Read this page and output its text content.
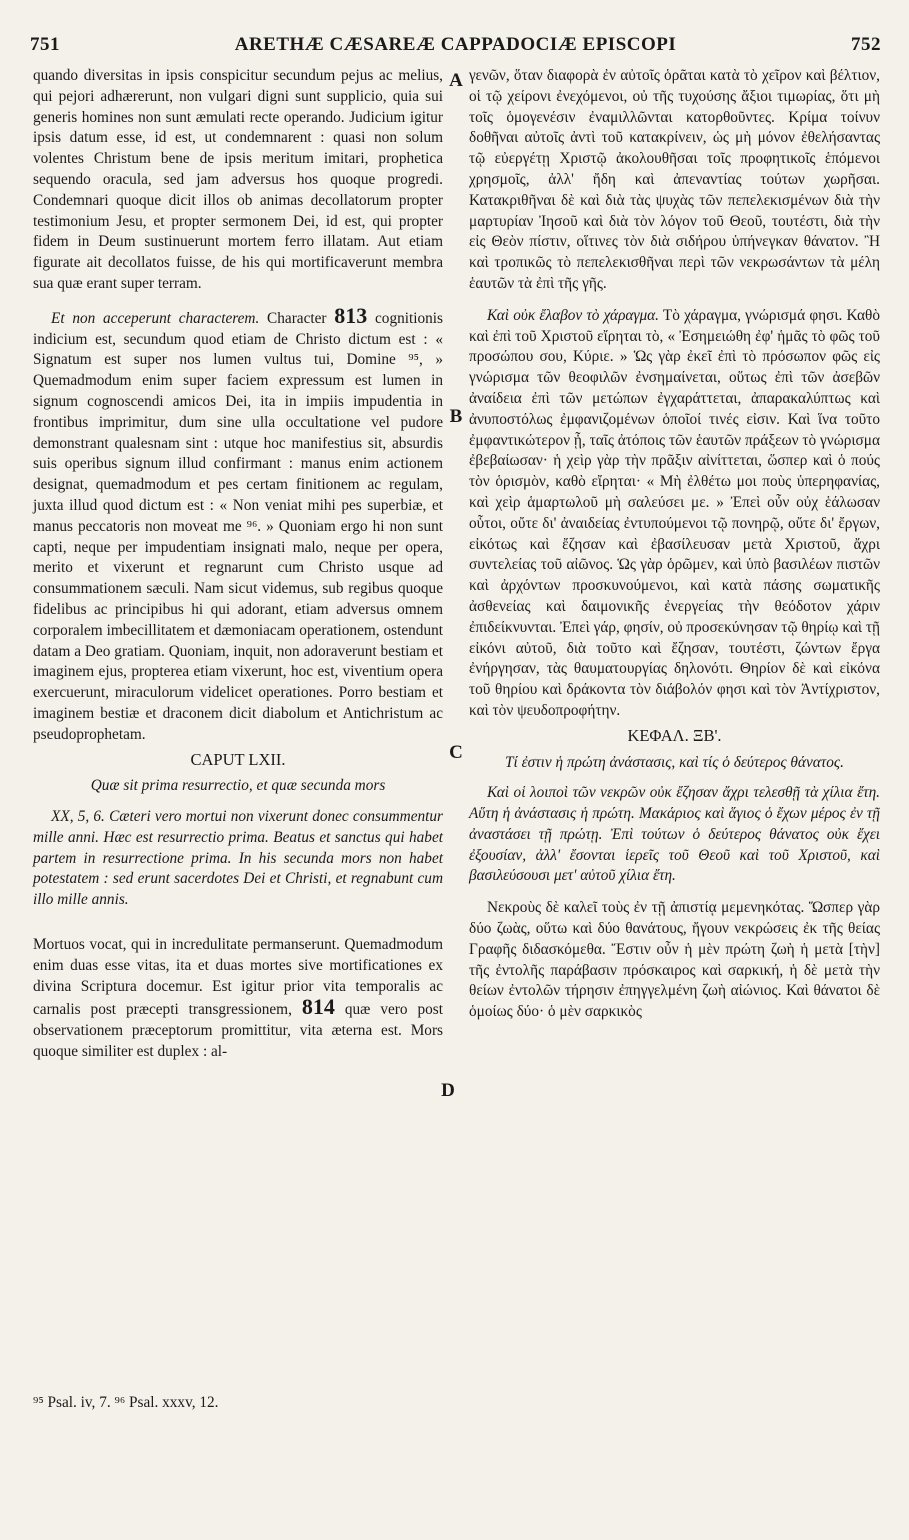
751	ARETHÆ CÆSAREÆ CAPPADOCIÆ EPISCOPI	752
A
B
C
D

quando diversitas in ipsis conspicitur secundum pejus ac melius, qui pejori adhærerunt, non vulgari digni sunt supplicio, quia sui generis homines non sunt æmulati recte operando. Judicium igitur ipsis datum esse, id est, ut condemnarent : quasi non solum volentes Christum bene de ipsis meritum imitari, prophetica sequendo oracula, sed jam adversus hos quoque progredi. Condemnari quoque dicit illos ob animas decollatorum propter testimonium Jesu, et propter sermonem Dei, id est, qui propter fidem in Deum sustinuerunt mortem ferro illatam. Aut etiam figurate ait decollatos fuisse, de his qui mortificaverunt membra sua quæ erant super terram.

Et non acceperunt characterem. Character 813 cognitionis indicium est, secundum quod etiam de Christo dictum est : « Signatum est super nos lumen vultus tui, Domine ⁹⁵, » Quemadmodum enim super faciem expressum est lumen in signum cognoscendi amicos Dei, ita in impiis impudentia in frontibus imprimitur, dum sine ulla occultatione vel pudore demonstrant qualesnam sint : utque hoc manifestius sit, absurdis suis operibus signum illud confirmant : manus enim actionem designat, quemadmodum et pes certam finitionem ac regulam, juxta illud quod dictum est : « Non veniat mihi pes superbiæ, et manus peccatoris non moveat me ⁹⁶. » Quoniam ergo hi non sunt capti, neque per impudentiam insignati malo, neque per opera, merito et vixerunt et regnarunt cum Christo usque ad consummationem sæculi. Nam sicut videmus, sub regibus quoque fidelibus ac principibus hi qui adorant, etiam adversus omnem corporalem imbecillitatem et dæmoniacam operationem, ostendunt datam a Deo gratiam. Quoniam, inquit, non adoraverunt bestiam et imaginem ejus, propterea etiam vixerunt, hoc est, viventium opera exercuerunt, miraculorum videlicet operationes. Porro bestiam et imaginem bestiæ et draconem dicit diabolum et Antichristum ac pseudoprophetam.

CAPUT LXII.
Quæ sit prima resurrectio, et quæ secunda mors

XX, 5, 6. Cæteri vero mortui non vixerunt donec consummentur mille anni. Hæc est resurrectio prima. Beatus et sanctus qui habet partem in resurrectione prima. In his secunda mors non habet potestatem : sed erunt sacerdotes Dei et Christi, et regnabunt cum illo mille annis.

Mortuos vocat, qui in incredulitate permanserunt. Quemadmodum enim duas esse vitas, ita et duas mortes sive mortificationes ex divina Scriptura docemur. Est igitur prior vita temporalis ac carnalis post præcepti transgressionem, 814 quæ vero post observationem præceptorum promittitur, vita æterna est. Mors quoque similiter est duplex : al-

⁹⁵ Psal. iv, 7. ⁹⁶ Psal. xxxv, 12.

γενῶν, ὅταν διαφορὰ ἐν αὐτοῖς ὁρᾶται κατὰ τὸ χεῖρον καὶ βέλτιον, οἱ τῷ χείρονι ἐνεχόμενοι, οὐ τῆς τυχούσης ἄξιοι τιμωρίας, ὅτι μὴ τοῖς ὁμογενέσιν ἐναμιλλῶνται κατορθοῦντες. Κρίμα τοίνυν δοθῆναι αὐτοῖς ἀντὶ τοῦ κατακρίνειν, ὡς μὴ μόνον ἐθελήσαντας τῷ εὐεργέτῃ Χριστῷ ἀκολουθῆσαι τοῖς προφητικοῖς ἑπόμενοι χρησμοῖς, ἀλλ' ἤδη καὶ ἀπεναντίας τούτων χωρῆσαι. Κατακριθῆναι δὲ καὶ διὰ τὰς ψυχὰς τῶν πεπελεκισμένων διὰ τὴν μαρτυρίαν Ἰησοῦ καὶ διὰ τὸν λόγον τοῦ Θεοῦ, τουτέστι, διὰ τὴν εἰς Θεὸν πίστιν, οἵτινες τὸν διὰ σιδήρου ὑπήνεγκαν θάνατον. Ἢ καὶ τροπικῶς τὸ πεπελεκισθῆναι περὶ τῶν νεκρωσάντων τὰ μέλη ἑαυτῶν τὰ ἐπὶ τῆς γῆς.

Καὶ οὐκ ἔλαβον τὸ χάραγμα. Τὸ χάραγμα, γνώρισμά φησι. Καθὸ καὶ ἐπὶ τοῦ Χριστοῦ εἴρηται τὸ, « Ἐσημειώθη ἐφ' ἡμᾶς τὸ φῶς τοῦ προσώπου σου, Κύριε. » Ὡς γὰρ ἐκεῖ ἐπὶ τὸ πρόσωπον φῶς εἰς γνώρισμα τῶν θεοφιλῶν ἐνσημαίνεται, οὕτως ἐπὶ τῶν ἀσεβῶν ἀναίδεια ἐπὶ τῶν μετώπων ἐγχαράττεται, ἀπαρακαλύπτως καὶ ἀνυποστόλως ἐμφανιζομένων ὁποῖοί τινές εἰσιν. Καὶ ἵνα τοῦτο ἐμφαντικώτερον ᾖ, ταῖς ἀτόποις τῶν ἑαυτῶν πράξεων τὸ γνώρισμα ἐβεβαίωσαν· ἡ χεὶρ γὰρ τὴν πρᾶξιν αἰνίττεται, ὥσπερ καὶ ὁ πούς τὸν ὁρισμὸν, καθὸ εἴρηται· « Μὴ ἐλθέτω μοι ποὺς ὑπερηφανίας, καὶ χεὶρ ἁμαρτωλοῦ μὴ σαλεύσει με. » Ἐπεὶ οὖν οὐχ ἑάλωσαν οὗτοι, οὔτε δι' ἀναιδείας ἐντυπούμενοι τῷ πονηρῷ, οὔτε δι' ἔργων, εἰκότως καὶ ἔζησαν καὶ ἐβασίλευσαν μετὰ Χριστοῦ, ἄχρι συντελείας τοῦ αἰῶνος. Ὡς γὰρ ὁρῶμεν, καὶ ὑπὸ βασιλέων πιστῶν καὶ ἀρχόντων προσκυνούμενοι, καὶ κατὰ πάσης σωματικῆς ἀσθενείας καὶ δαιμονικῆς ἐνεργείας τὴν θεόδοτον χάριν ἐπιδείκνυνται. Ἐπεὶ γάρ, φησίν, οὐ προσεκύνησαν τῷ θηρίῳ καὶ τῇ εἰκόνι αὐτοῦ, διὰ τοῦτο καὶ ἔζησαν, τουτέστι, ζώντων ἔργα ἐνήργησαν, τὰς θαυματουργίας δηλονότι. Θηρίον δὲ καὶ εἰκόνα τοῦ θηρίου καὶ δράκοντα τὸν διάβολόν φησι καὶ τὸν Ἀντίχριστον, καὶ τὸν ψευδοπροφήτην.

ΚΕΦΑΛ. ΞΒ'.
Τί ἐστιν ἡ πρώτη ἀνάστασις, καὶ τίς ὁ δεύτερος θάνατος.

Καὶ οἱ λοιποὶ τῶν νεκρῶν οὐκ ἔζησαν ἄχρι τελεσθῇ τὰ χίλια ἔτη. Αὕτη ἡ ἀνάστασις ἡ πρώτη. Μακάριος καὶ ἅγιος ὁ ἔχων μέρος ἐν τῇ ἀναστάσει τῇ πρώτῃ. Ἐπὶ τούτων ὁ δεύτερος θάνατος οὐκ ἔχει ἐξουσίαν, ἀλλ' ἔσονται ἱερεῖς τοῦ Θεοῦ καὶ τοῦ Χριστοῦ, καὶ βασιλεύσουσι μετ' αὐτοῦ χίλια ἔτη.

Νεκροὺς δὲ καλεῖ τοὺς ἐν τῇ ἀπιστίᾳ μεμενηκότας. Ὥσπερ γὰρ δύο ζωὰς, οὕτω καὶ δύο θανάτους, ἤγουν νεκρώσεις ἐκ τῆς θείας Γραφῆς διδασκόμεθα. Ἔστιν οὖν ἡ μὲν πρώτη ζωὴ ἡ μετὰ [τὴν] τῆς ἐντολῆς παράβασιν πρόσκαιρος καὶ σαρκική, ἡ δὲ μετὰ τὴν θείων ἐντολῶν τήρησιν ἐπηγγελμένη ζωὴ αἰώνιος. Καὶ θάνατοι δὲ ὁμοίως δύο· ὁ μὲν σαρκικὸς
